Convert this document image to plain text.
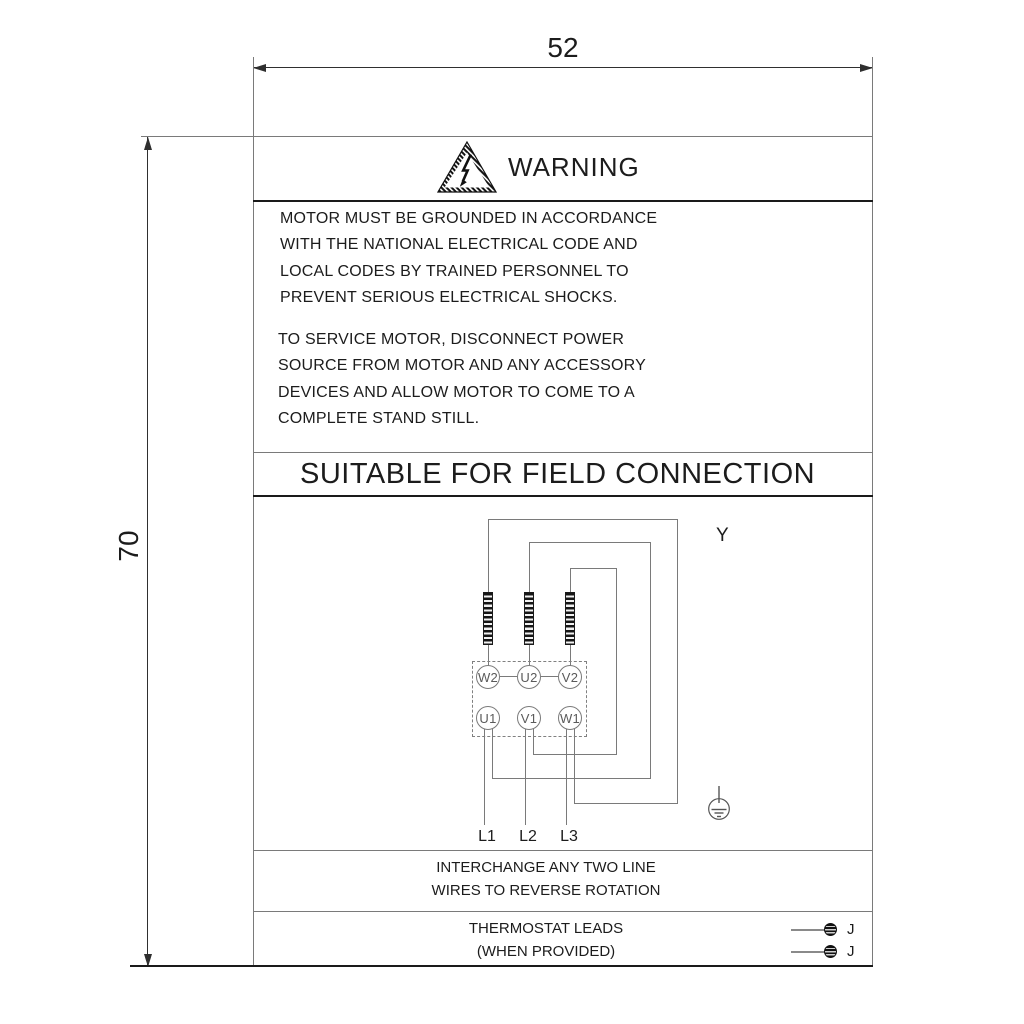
52
70
WARNING
MOTOR MUST BE GROUNDED IN ACCORDANCE
WITH THE NATIONAL ELECTRICAL CODE AND
LOCAL CODES BY TRAINED PERSONNEL TO
PREVENT SERIOUS ELECTRICAL SHOCKS.
TO SERVICE MOTOR, DISCONNECT POWER
SOURCE FROM MOTOR AND ANY ACCESSORY
DEVICES AND ALLOW MOTOR TO COME TO A
COMPLETE STAND STILL.
SUITABLE FOR FIELD CONNECTION
Y
W2 U2 V2
U1 V1 W1
L1	L2	L3
INTERCHANGE ANY TWO LINE
WIRES TO REVERSE ROTATION
THERMOSTAT LEADS
(WHEN PROVIDED)
J
J
